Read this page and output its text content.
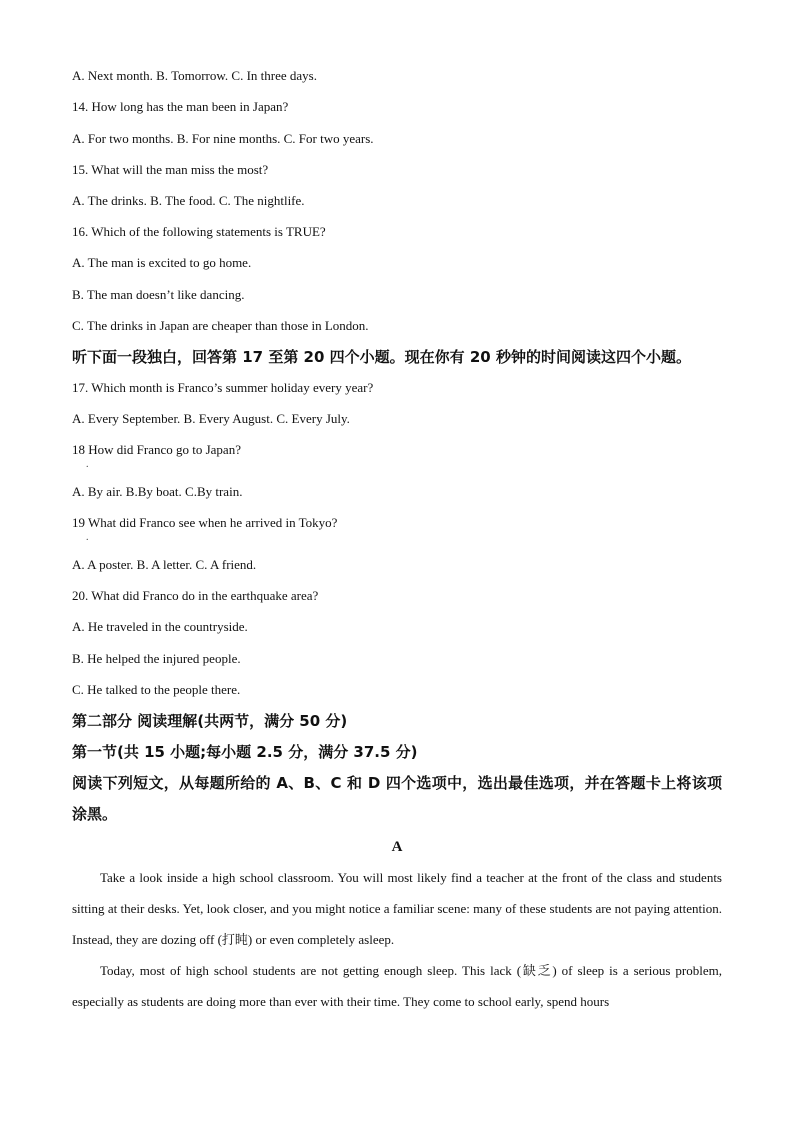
A. Next month. B. Tomorrow. C. In three days.
14. How long has the man been in Japan?
A. For two months. B. For nine months. C. For two years.
15. What will the man miss the most?
A. The drinks. B. The food. C. The nightlife.
16. Which of the following statements is TRUE?
A. The man is excited to go home.
B. The man doesn’t like dancing.
C. The drinks in Japan are cheaper than those in London.
听下面一段独白，回答第 17 至第 20 四个小题。现在你有 20 秒钟的时间阅读这四个小题。
17. Which month is Franco’s summer holiday every year?
A. Every September. B. Every August. C. Every July.
18 How did Franco go to Japan?
.
A. By air. B.By boat. C.By train.
19 What did Franco see when he arrived in Tokyo?
.
A. A poster. B. A letter. C. A friend.
20. What did Franco do in the earthquake area?
A. He traveled in the countryside.
B. He helped the injured people.
C. He talked to the people there.
第二部分 阅读理解(共两节，满分 50 分)
第一节(共 15 小题;每小题 2.5 分，满分 37.5 分)
阅读下列短文，从每题所给的 A、B、C 和 D 四个选项中，选出最佳选项，并在答题卡上将该项涂黑。
A
Take a look inside a high school classroom. You will most likely find a teacher at the front of the class and students sitting at their desks. Yet, look closer, and you might notice a familiar scene: many of these students are not paying attention. Instead, they are dozing off (打盹) or even completely asleep.
Today, most of high school students are not getting enough sleep. This lack (缺乏) of sleep is a serious problem, especially as students are doing more than ever with their time. They come to school early, spend hours
